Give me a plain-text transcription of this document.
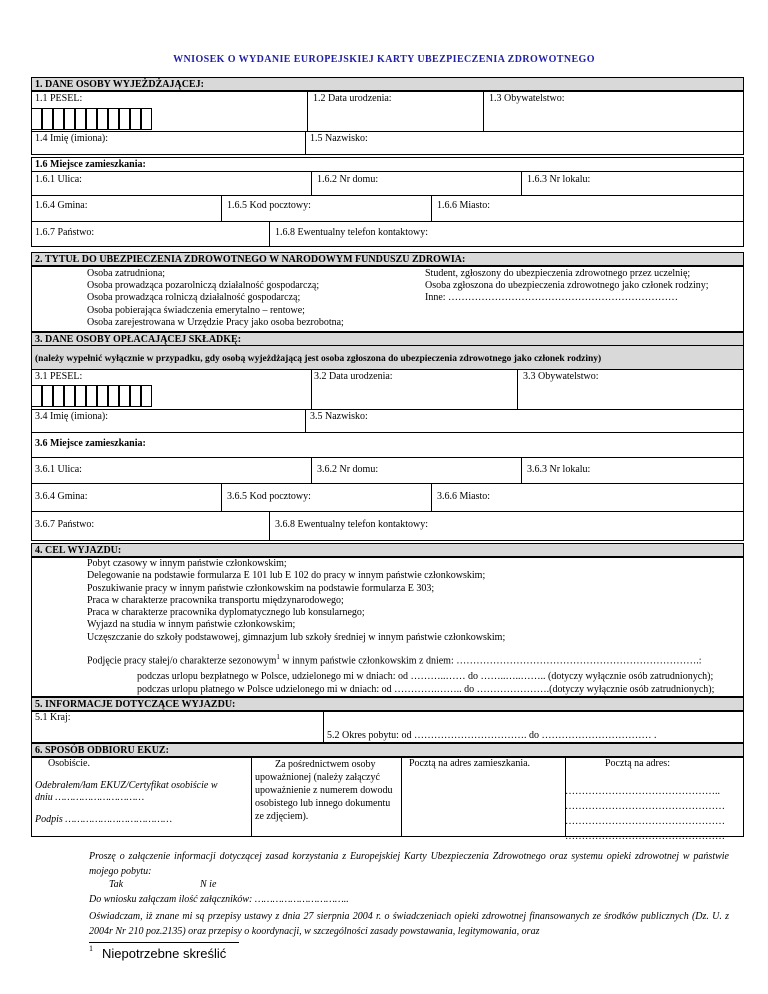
WNIOSEK O WYDANIE EUROPEJSKIEJ KARTY UBEZPIECZENIA ZDROWOTNEGO
1. DANE OSOBY WYJEŻDŻAJĄCEJ:
1.1 PESEL:	1.2 Data urodzenia:	1.3 Obywatelstwo:
1.4 Imię (imiona):	1.5 Nazwisko:
1.6 Miejsce zamieszkania:
1.6.1 Ulica:	1.6.2 Nr domu:	1.6.3 Nr lokalu:
1.6.4 Gmina:	1.6.5 Kod pocztowy:	1.6.6 Miasto:
1.6.7 Państwo:	1.6.8 Ewentualny telefon kontaktowy:
2. TYTUŁ DO UBEZPIECZENIA ZDROWOTNEGO W NARODOWYM FUNDUSZU ZDROWIA:
Osoba zatrudniona;
Osoba prowadząca pozarolniczą działalność gospodarczą;
Osoba prowadząca rolniczą działalność gospodarczą;
Osoba pobierająca świadczenia emerytalno – rentowe;
Osoba zarejestrowana w Urzędzie Pracy jako osoba bezrobotna;
Student, zgłoszony do ubezpieczenia zdrowotnego przez uczelnię;
Osoba zgłoszona do ubezpieczenia zdrowotnego jako członek rodziny;
Inne: ……………………………………………………………
3. DANE OSOBY OPŁACAJĄCEJ SKŁADKĘ:
(należy wypełnić wyłącznie w przypadku, gdy osobą wyjeżdżającą jest osoba zgłoszona do ubezpieczenia zdrowotnego jako członek rodziny)
3.1 PESEL:	3.2 Data urodzenia:	3.3 Obywatelstwo:
3.4 Imię (imiona):	3.5 Nazwisko:
3.6 Miejsce zamieszkania:
3.6.1 Ulica:	3.6.2 Nr domu:	3.6.3 Nr lokalu:
3.6.4 Gmina:	3.6.5 Kod pocztowy:	3.6.6 Miasto:
3.6.7 Państwo:	3.6.8 Ewentualny telefon kontaktowy:
4. CEL WYJAZDU:
Pobyt czasowy w innym państwie członkowskim;
Delegowanie na podstawie formularza E 101 lub E 102 do pracy w innym państwie członkowskim;
Poszukiwanie pracy w innym państwie członkowskim na podstawie formularza E 303;
Praca w charakterze pracownika transportu międzynarodowego;
Praca w charakterze pracownika dyplomatycznego lub konsularnego;
Wyjazd na studia w innym państwie członkowskim;
Uczęszczanie do szkoły podstawowej, gimnazjum lub szkoły średniej w innym państwie członkowskim;
Podjęcie pracy stałej/o charakterze sezonowym$^1$ w innym państwie członkowskim z dniem: ……………………………………………………………….:
podczas urlopu bezpłatnego w Polsce, udzielonego mi w dniach: od ………..…… do ……..…..…….. (dotyczy wyłącznie osób zatrudnionych);
podczas urlopu płatnego w Polsce udzielonego mi w dniach: od ………….…….. do ………………….(dotyczy wyłącznie osób zatrudnionych);
5. INFORMACJE DOTYCZĄCE WYJAZDU:
5.1 Kraj:
5.2 Okres pobytu: od ……………………………. do …………………………… .
6. SPOSÓB ODBIORU EKUZ:
Osobiście.
Odebrałem/łam EKUZ/Certyfikat osobiście w dniu …………………………
Podpis ………………………………
Za pośrednictwem osoby upoważnionej (należy załączyć upoważnienie z numerem dowodu osobistego lub innego dokumentu ze zdjęciem).
Pocztą na adres zamieszkania.	Pocztą na adres:
………………………………………..
…………………………………………
…………………………………………
…………………………………………
Proszę o załączenie informacji dotyczącej zasad korzystania z Europejskiej Karty Ubezpieczenia Zdrowotnego oraz systemu opieki zdrowotnej w państwie mojego pobytu:
Tak	N ie
Do wniosku załączam ilość załączników: …………………………..
Oświadczam, iż znane mi są przepisy ustawy z dnia 27 sierpnia 2004 r. o świadczeniach opieki zdrowotnej finansowanych ze środków publicznych (Dz. U. z 2004r Nr 210 poz.2135) oraz przepisy o koordynacji, w szczególności zasady powstawania, legitymowania, oraz
1 Niepotrzebne skreślić
